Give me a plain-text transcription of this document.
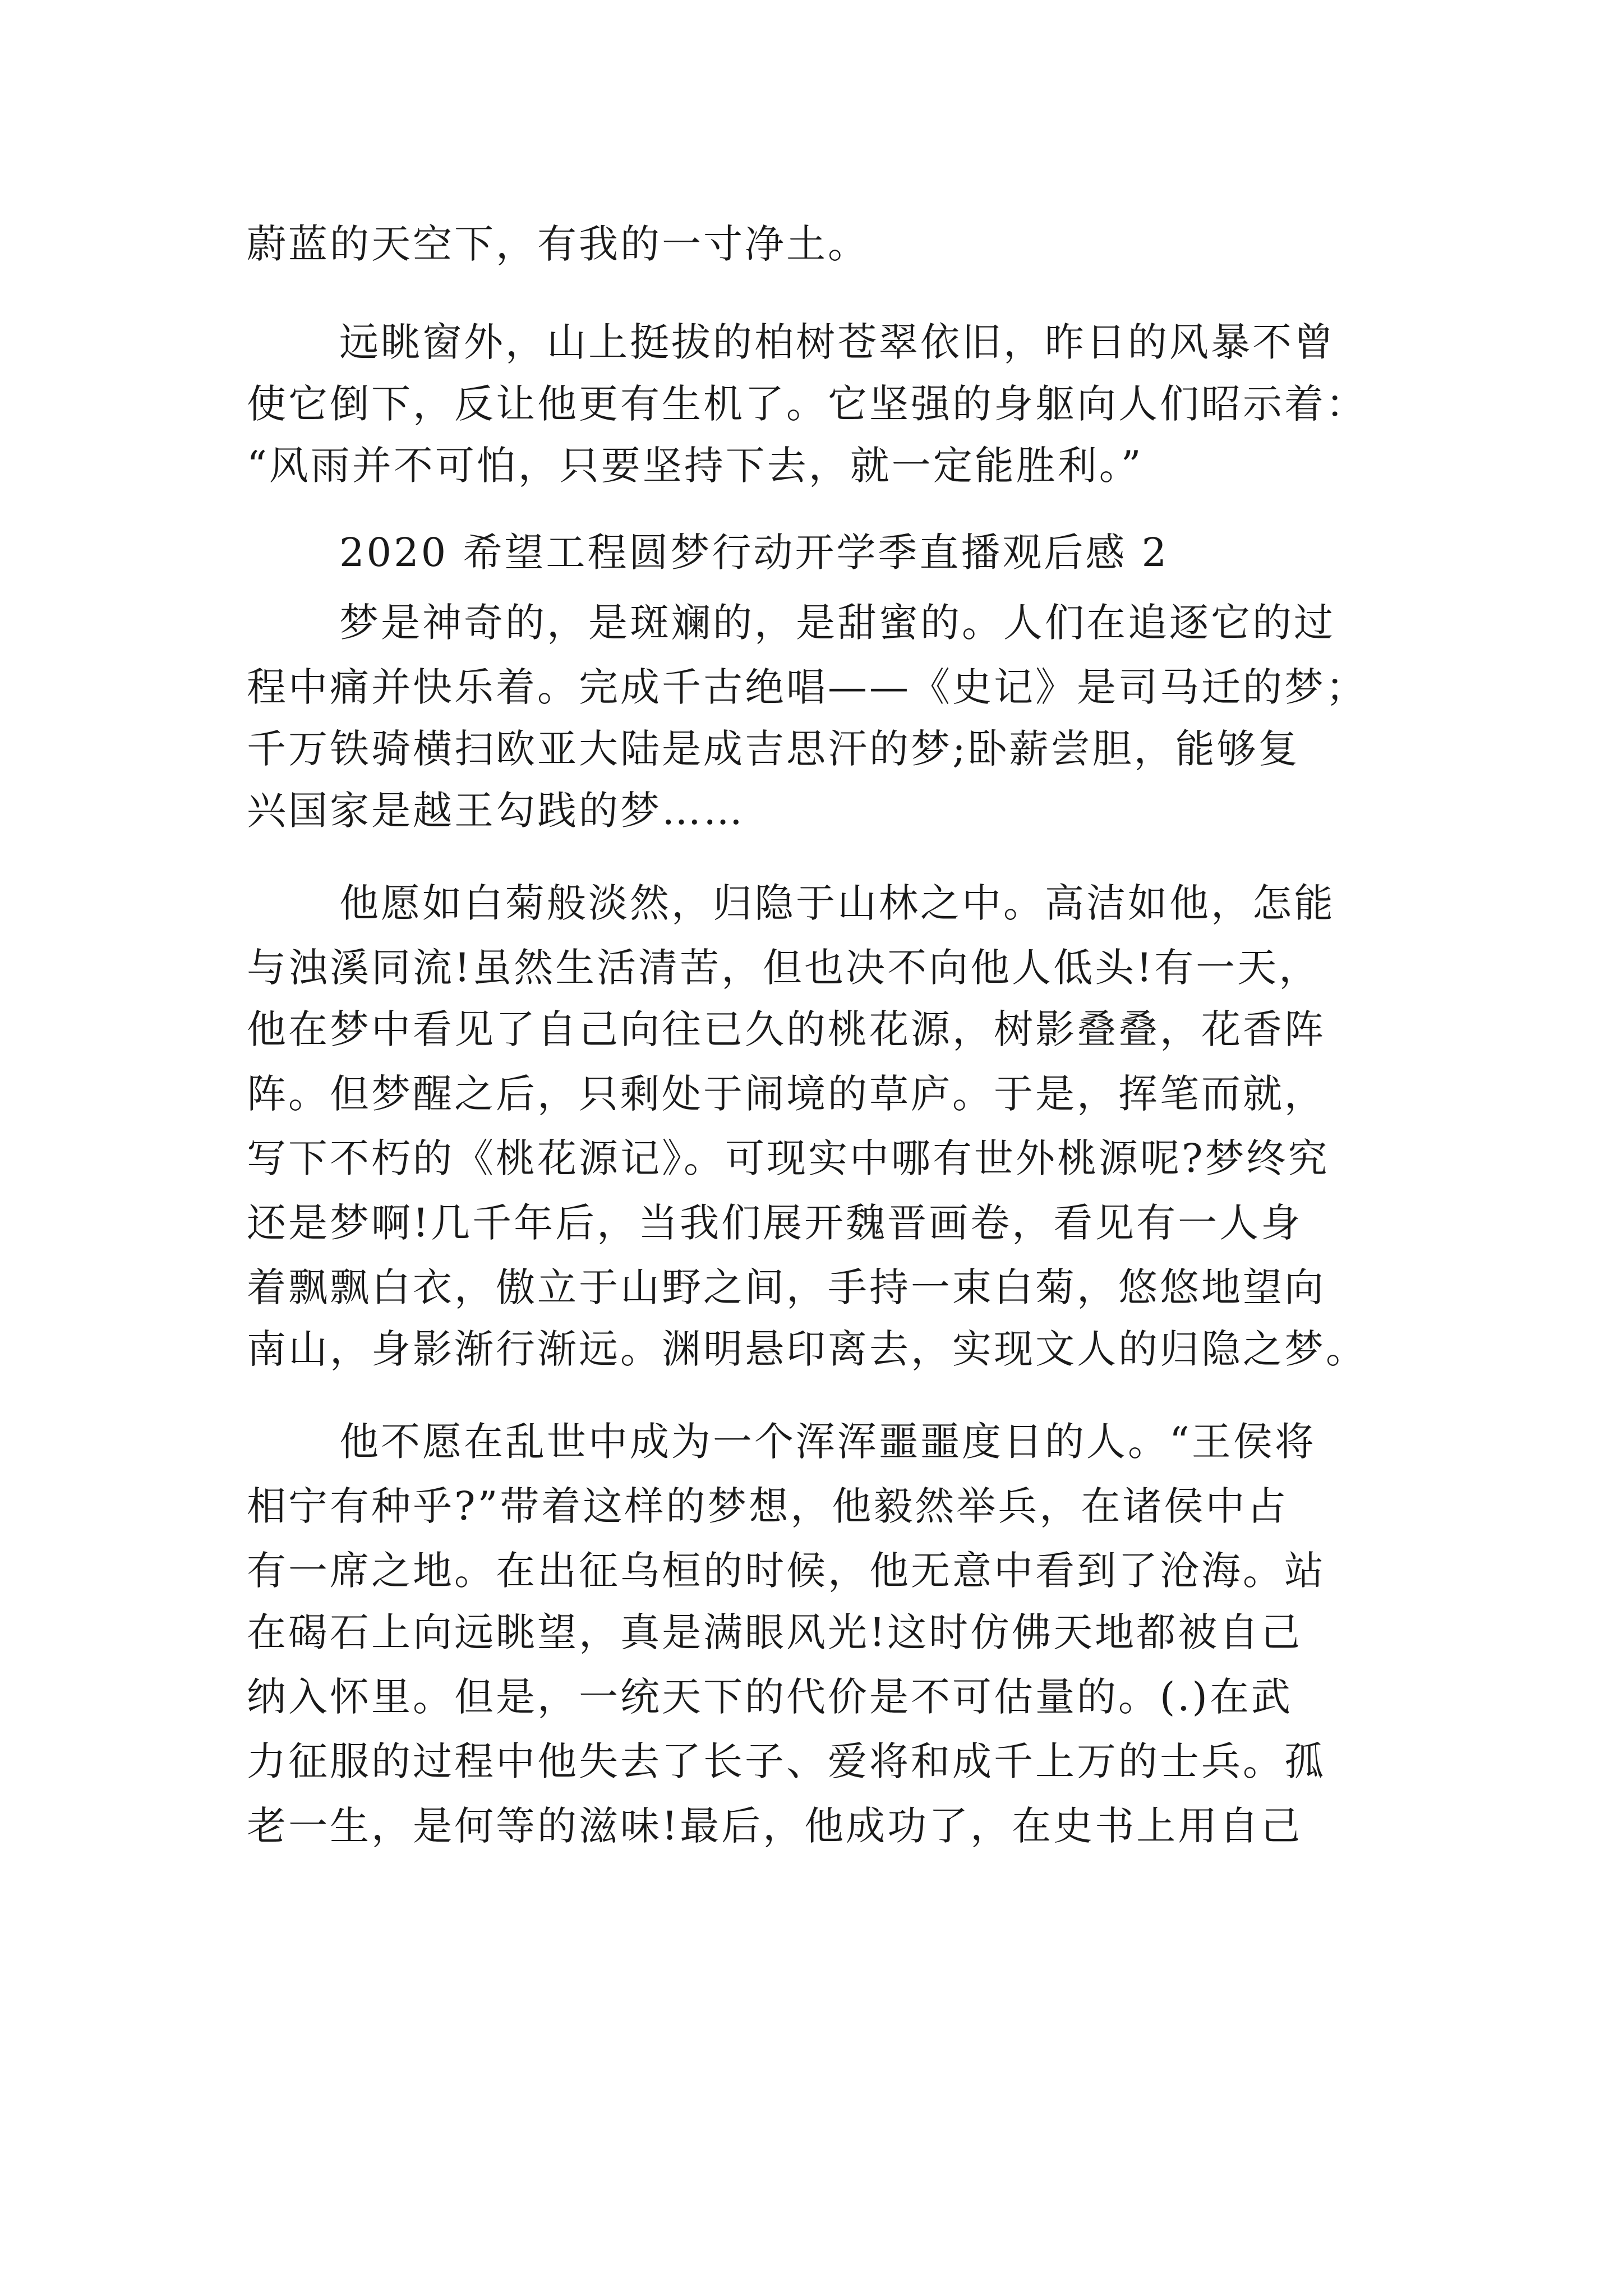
蔚蓝的天空下，有我的一寸净土。
远眺窗外，山上挺拔的柏树苍翠依旧，昨日的风暴不曾
使它倒下，反让他更有生机了。它坚强的身躯向人们昭示着：
“风雨并不可怕，只要坚持下去，就一定能胜利。”
2020 希望工程圆梦行动开学季直播观后感 2
梦是神奇的，是斑斓的，是甜蜜的。人们在追逐它的过
程中痛并快乐着。完成千古绝唱——《史记》是司马迁的梦；
千万铁骑横扫欧亚大陆是成吉思汗的梦;卧薪尝胆，能够复
兴国家是越王勾践的梦……
他愿如白菊般淡然，归隐于山林之中。高洁如他，怎能
与浊溪同流!虽然生活清苦，但也决不向他人低头!有一天，
他在梦中看见了自己向往已久的桃花源，树影叠叠，花香阵
阵。但梦醒之后，只剩处于闹境的草庐。于是，挥笔而就，
写下不朽的《桃花源记》。可现实中哪有世外桃源呢?梦终究
还是梦啊!几千年后，当我们展开魏晋画卷，看见有一人身
着飘飘白衣，傲立于山野之间，手持一束白菊，悠悠地望向
南山，身影渐行渐远。渊明悬印离去，实现文人的归隐之梦。
他不愿在乱世中成为一个浑浑噩噩度日的人。“王侯将
相宁有种乎?”带着这样的梦想，他毅然举兵，在诸侯中占
有一席之地。在出征乌桓的时候，他无意中看到了沧海。站
在碣石上向远眺望，真是满眼风光!这时仿佛天地都被自己
纳入怀里。但是，一统天下的代价是不可估量的。(.)在武
力征服的过程中他失去了长子、爱将和成千上万的士兵。孤
老一生，是何等的滋味!最后，他成功了，在史书上用自己
